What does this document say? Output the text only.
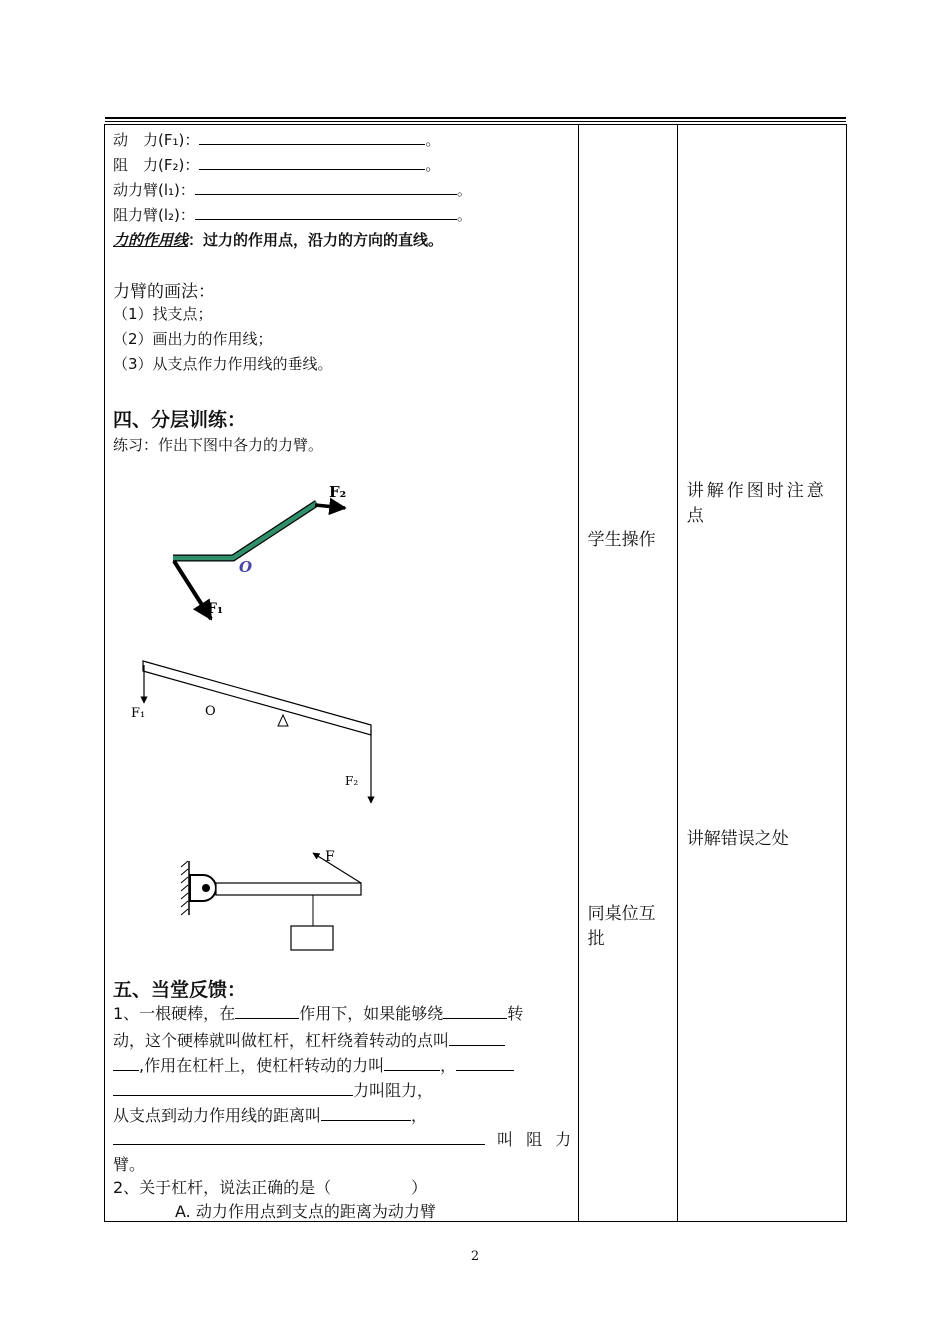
动　力(F₁)：	。
阻　力(F₂)：	。
动力臂(l₁)：	。
阻力臂(l₂)：	。
力的作用线：过力的作用点，沿力的方向的直线。
力臂的画法：
（1）找支点；
（2）画出力的作用线；
（3）从支点作力作用线的垂线。
四、分层训练：
练习：作出下图中各力的力臂。
F₂
O
F₁
F₁	O
F₂
F
五、当堂反馈：
1、一根硬棒，在	作用下，如果能够绕	转
动，这个硬棒就叫做杠杆，杠杆绕着转动的点叫
,作用在杠杆上，使杠杆转动的力叫	，
力叫阻力，
从支点到动力作用线的距离叫	，
叫 阻 力
臂。
2、关于杠杆，说法正确的是（　　　　　）
A. 动力作用点到支点的距离为动力臂

学生操作
同桌位互
批

讲解作图时注意
点
讲解错误之处
2
